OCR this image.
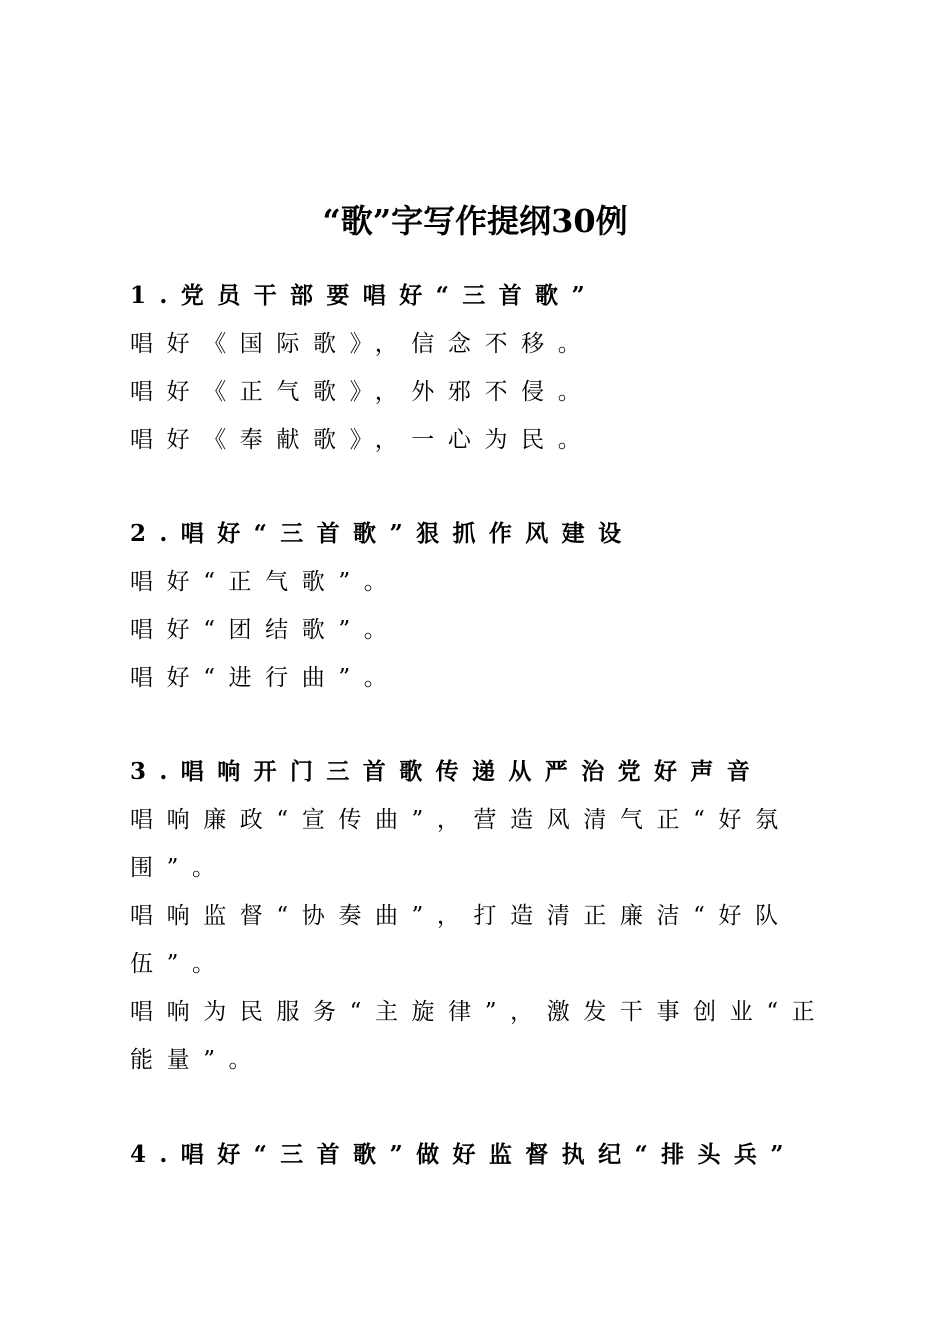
“歌”字写作提纲30例
1.党员干部要唱好“三首歌”
唱好《国际歌》，信念不移。
唱好《正气歌》，外邪不侵。
唱好《奉献歌》，一心为民。
2.唱好“三首歌”狠抓作风建设
唱好“正气歌”。
唱好“团结歌”。
唱好“进行曲”。
3.唱响开门三首歌传递从严治党好声音
唱响廉政“宣传曲”，营造风清气正“好氛
围”。
唱响监督“协奏曲”，打造清正廉洁“好队
伍”。
唱响为民服务“主旋律”，激发干事创业“正
能量”。
4.唱好“三首歌”做好监督执纪“排头兵”
